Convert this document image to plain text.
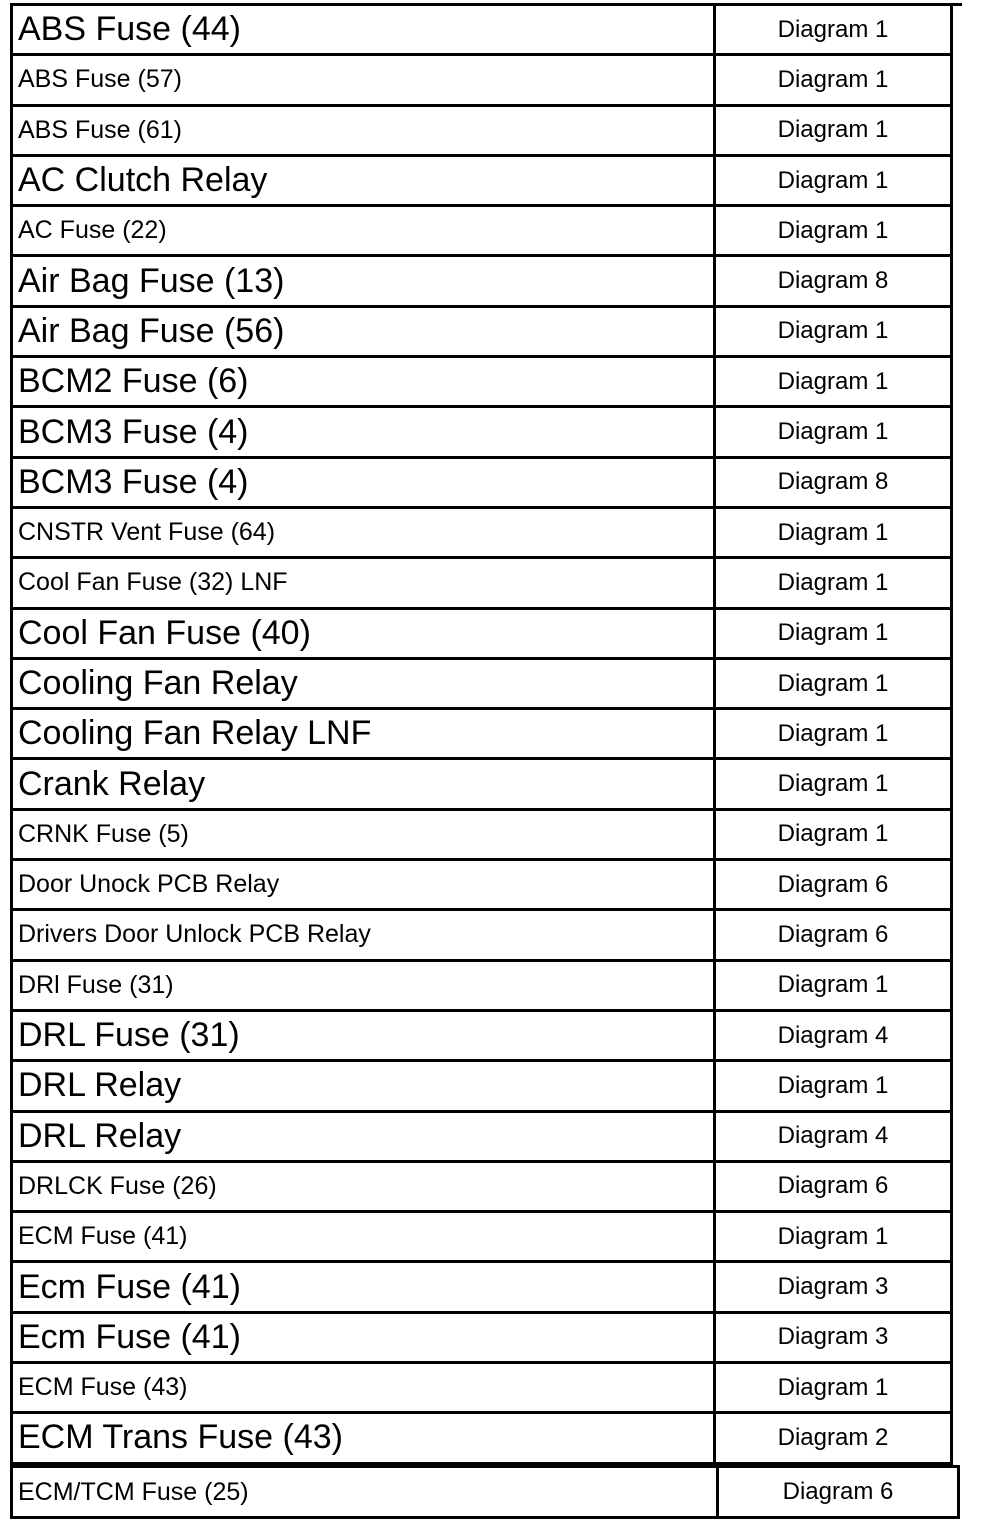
ABS Fuse (44)	Diagram 1
ABS Fuse (57)	Diagram 1
ABS Fuse (61)	Diagram 1
AC Clutch Relay	Diagram 1
AC Fuse (22)	Diagram 1
Air Bag Fuse (13)	Diagram 8
Air Bag Fuse (56)	Diagram 1
BCM2 Fuse (6)	Diagram 1
BCM3 Fuse (4)	Diagram 1
BCM3 Fuse (4)	Diagram 8
CNSTR Vent Fuse (64)	Diagram 1
Cool Fan Fuse (32) LNF	Diagram 1
Cool Fan Fuse (40)	Diagram 1
Cooling Fan Relay	Diagram 1
Cooling Fan Relay LNF	Diagram 1
Crank Relay	Diagram 1
CRNK Fuse (5)	Diagram 1
Door Unock PCB Relay	Diagram 6
Drivers Door Unlock PCB Relay	Diagram 6
DRl Fuse (31)	Diagram 1
DRL Fuse (31)	Diagram 4
DRL Relay	Diagram 1
DRL Relay	Diagram 4
DRLCK Fuse (26)	Diagram 6
ECM Fuse (41)	Diagram 1
Ecm Fuse (41)	Diagram 3
Ecm Fuse (41)	Diagram 3
ECM Fuse (43)	Diagram 1
ECM Trans Fuse (43)	Diagram 2
ECM/TCM Fuse (25)	Diagram 6
